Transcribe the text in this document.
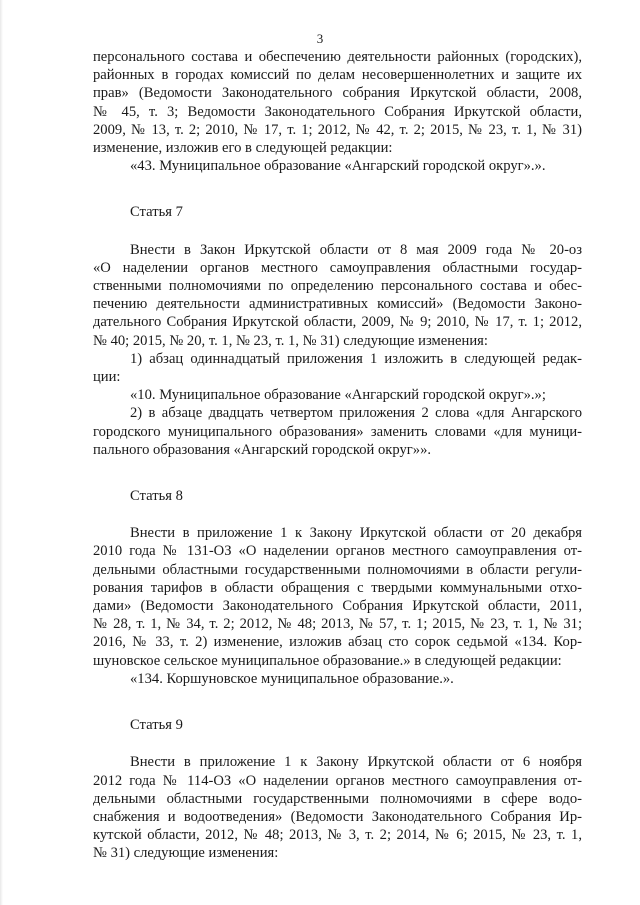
3

персонального состава и обеспечению деятельности районных (городских),

районных в городах комиссий по делам несовершеннолетних и защите их

прав» (Ведомости Законодательного собрания Иркутской области, 2008,

№ 45, т. 3; Ведомости Законодательного Собрания Иркутской области,

2009, № 13, т. 2; 2010, № 17, т. 1; 2012, № 42, т. 2; 2015, № 23, т. 1, № 31)

изменение, изложив его в следующей редакции:

«43. Муниципальное образование «Ангарский городской округ».».

Статья 7

Внести в Закон Иркутской области от 8 мая 2009 года № 20-оз

«О наделении органов местного самоуправления областными государ-

ственными полномочиями по определению персонального состава и обес-

печению деятельности административных комиссий» (Ведомости Законо-

дательного Собрания Иркутской области, 2009, № 9; 2010, № 17, т. 1; 2012,

№ 40; 2015, № 20, т. 1, № 23, т. 1, № 31) следующие изменения:

1) абзац одиннадцатый приложения 1 изложить в следующей редак-

ции:

«10. Муниципальное образование «Ангарский городской округ».»;

2) в абзаце двадцать четвертом приложения 2 слова «для Ангарского

городского муниципального образования» заменить словами «для муници-

пального образования «Ангарский городской округ»».

Статья 8

Внести в приложение 1 к Закону Иркутской области от 20 декабря

2010 года № 131-ОЗ «О наделении органов местного самоуправления от-

дельными областными государственными полномочиями в области регули-

рования тарифов в области обращения с твердыми коммунальными отхо-

дами» (Ведомости Законодательного Собрания Иркутской области, 2011,

№ 28, т. 1, № 34, т. 2; 2012, № 48; 2013, № 57, т. 1; 2015, № 23, т. 1, № 31;

2016, № 33, т. 2) изменение, изложив абзац сто сорок седьмой «134. Кор-

шуновское сельское муниципальное образование.» в следующей редакции:

«134. Коршуновское муниципальное образование.».

Статья 9

Внести в приложение 1 к Закону Иркутской области от 6 ноября

2012 года № 114-ОЗ «О наделении органов местного самоуправления от-

дельными областными государственными полномочиями в сфере водо-

снабжения и водоотведения» (Ведомости Законодательного Собрания Ир-

кутской области, 2012, № 48; 2013, № 3, т. 2; 2014, № 6; 2015, № 23, т. 1,

№ 31) следующие изменения:
